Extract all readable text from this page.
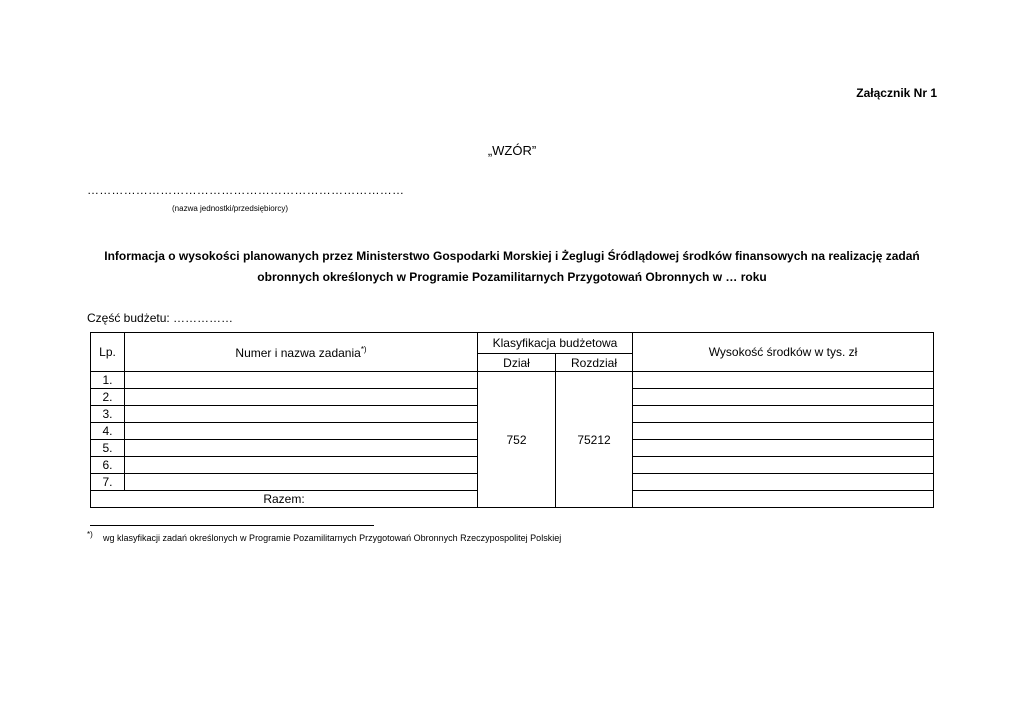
Załącznik Nr 1
„WZÓR”
……………………………………………………………………
(nazwa jednostki/przedsiębiorcy)
Informacja o wysokości planowanych przez Ministerstwo Gospodarki Morskiej i Żeglugi Śródlądowej środków finansowych na realizację zadań
obronnych określonych w Programie Pozamilitarnych Przygotowań Obronnych w … roku
Część budżetu: ……………
Lp.	Numer i nazwa zadania*)	Klasyfikacja budżetowa		Wysokość środków w tys. zł
		Dział	Rozdział	
1.		752	75212	
2.				
3.				
4.				
5.				
6.				
7.				
Razem:				
*) wg klasyfikacji zadań określonych w Programie Pozamilitarnych Przygotowań Obronnych Rzeczypospolitej Polskiej
